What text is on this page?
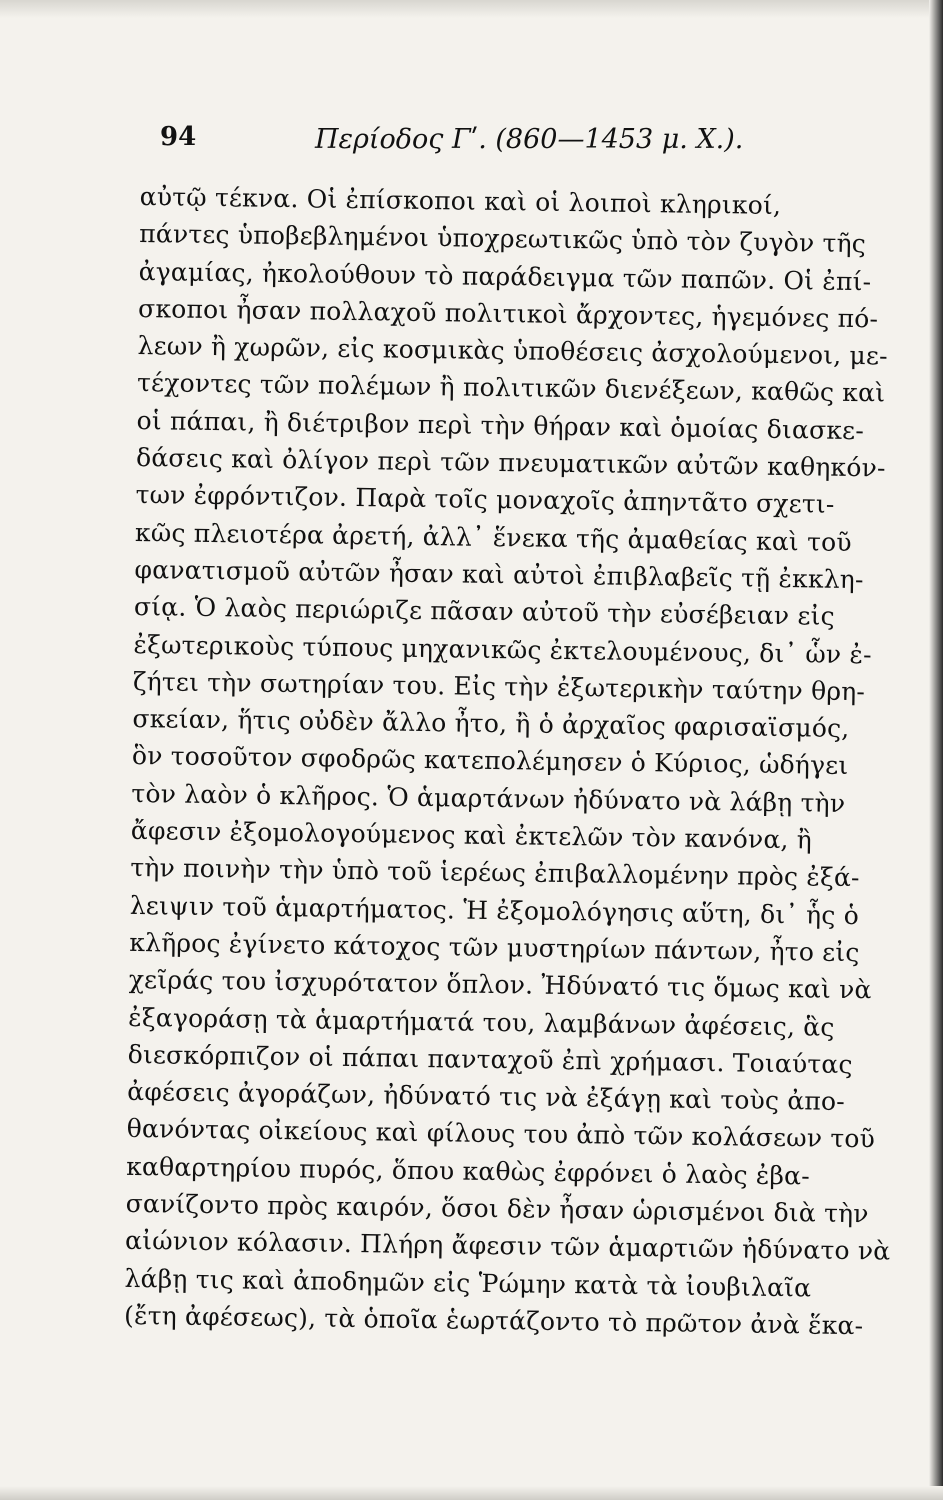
94	Περίοδος Γʹ. (860—1453 μ. Χ.).
αὐτῷ τέκνα. Οἱ ἐπίσκοποι καὶ οἱ λοιποὶ κληρικοί,
πάντες ὑποβεβλημένοι ὑποχρεωτικῶς ὑπὸ τὸν ζυγὸν τῆς
ἀγαμίας, ἠκολούθουν τὸ παράδειγμα τῶν παπῶν. Οἱ ἐπί-
σκοποι ἦσαν πολλαχοῦ πολιτικοὶ ἄρχοντες, ἡγεμόνες πό-
λεων ἢ χωρῶν, εἰς κοσμικὰς ὑποθέσεις ἀσχολούμενοι, με-
τέχοντες τῶν πολέμων ἢ πολιτικῶν διενέξεων, καθῶς καὶ
οἱ πάπαι, ἢ διέτριβον περὶ τὴν θήραν καὶ ὁμοίας διασκε-
δάσεις καὶ ὀλίγον περὶ τῶν πνευματικῶν αὐτῶν καθηκόν-
των ἐφρόντιζον. Παρὰ τοῖς μοναχοῖς ἀπηντᾶτο σχετι-
κῶς πλειοτέρα ἀρετή, ἀλλ᾽ ἕνεκα τῆς ἀμαθείας καὶ τοῦ
φανατισμοῦ αὐτῶν ἦσαν καὶ αὐτοὶ ἐπιβλαβεῖς τῇ ἐκκλη-
σίᾳ. Ὁ λαὸς περιώριζε πᾶσαν αὐτοῦ τὴν εὐσέβειαν εἰς
ἐξωτερικοὺς τύπους μηχανικῶς ἐκτελουμένους, δι᾽ ὧν ἐ-
ζήτει τὴν σωτηρίαν του. Εἰς τὴν ἐξωτερικὴν ταύτην θρη-
σκείαν, ἥτις οὐδὲν ἄλλο ἦτο, ἢ ὁ ἀρχαῖος φαρισαϊσμός,
ὃν τοσοῦτον σφοδρῶς κατεπολέμησεν ὁ Κύριος, ὡδήγει
τὸν λαὸν ὁ κλῆρος. Ὁ ἁμαρτάνων ἠδύνατο νὰ λάβῃ τὴν
ἄφεσιν ἐξομολογούμενος καὶ ἐκτελῶν τὸν κανόνα, ἢ
τὴν ποινὴν τὴν ὑπὸ τοῦ ἱερέως ἐπιβαλλομένην πρὸς ἐξά-
λειψιν τοῦ ἁμαρτήματος. Ἡ ἐξομολόγησις αὕτη, δι᾽ ἧς ὁ
κλῆρος ἐγίνετο κάτοχος τῶν μυστηρίων πάντων, ἦτο εἰς
χεῖράς του ἰσχυρότατον ὅπλον. Ἠδύνατό τις ὅμως καὶ νὰ
ἐξαγοράσῃ τὰ ἁμαρτήματά του, λαμβάνων ἀφέσεις, ἃς
διεσκόρπιζον οἱ πάπαι πανταχοῦ ἐπὶ χρήμασι. Τοιαύτας
ἀφέσεις ἀγοράζων, ἠδύνατό τις νὰ ἐξάγῃ καὶ τοὺς ἀπο-
θανόντας οἰκείους καὶ φίλους του ἀπὸ τῶν κολάσεων τοῦ
καθαρτηρίου πυρός, ὅπου καθὼς ἐφρόνει ὁ λαὸς ἐβα-
σανίζοντο πρὸς καιρόν, ὅσοι δὲν ἦσαν ὡρισμένοι διὰ τὴν
αἰώνιον κόλασιν. Πλήρη ἄφεσιν τῶν ἁμαρτιῶν ἠδύνατο νὰ
λάβῃ τις καὶ ἀποδημῶν εἰς Ῥώμην κατὰ τὰ ἰουβιλαῖα
(ἔτη ἀφέσεως), τὰ ὁποῖα ἑωρτάζοντο τὸ πρῶτον ἀνὰ ἕκα-
